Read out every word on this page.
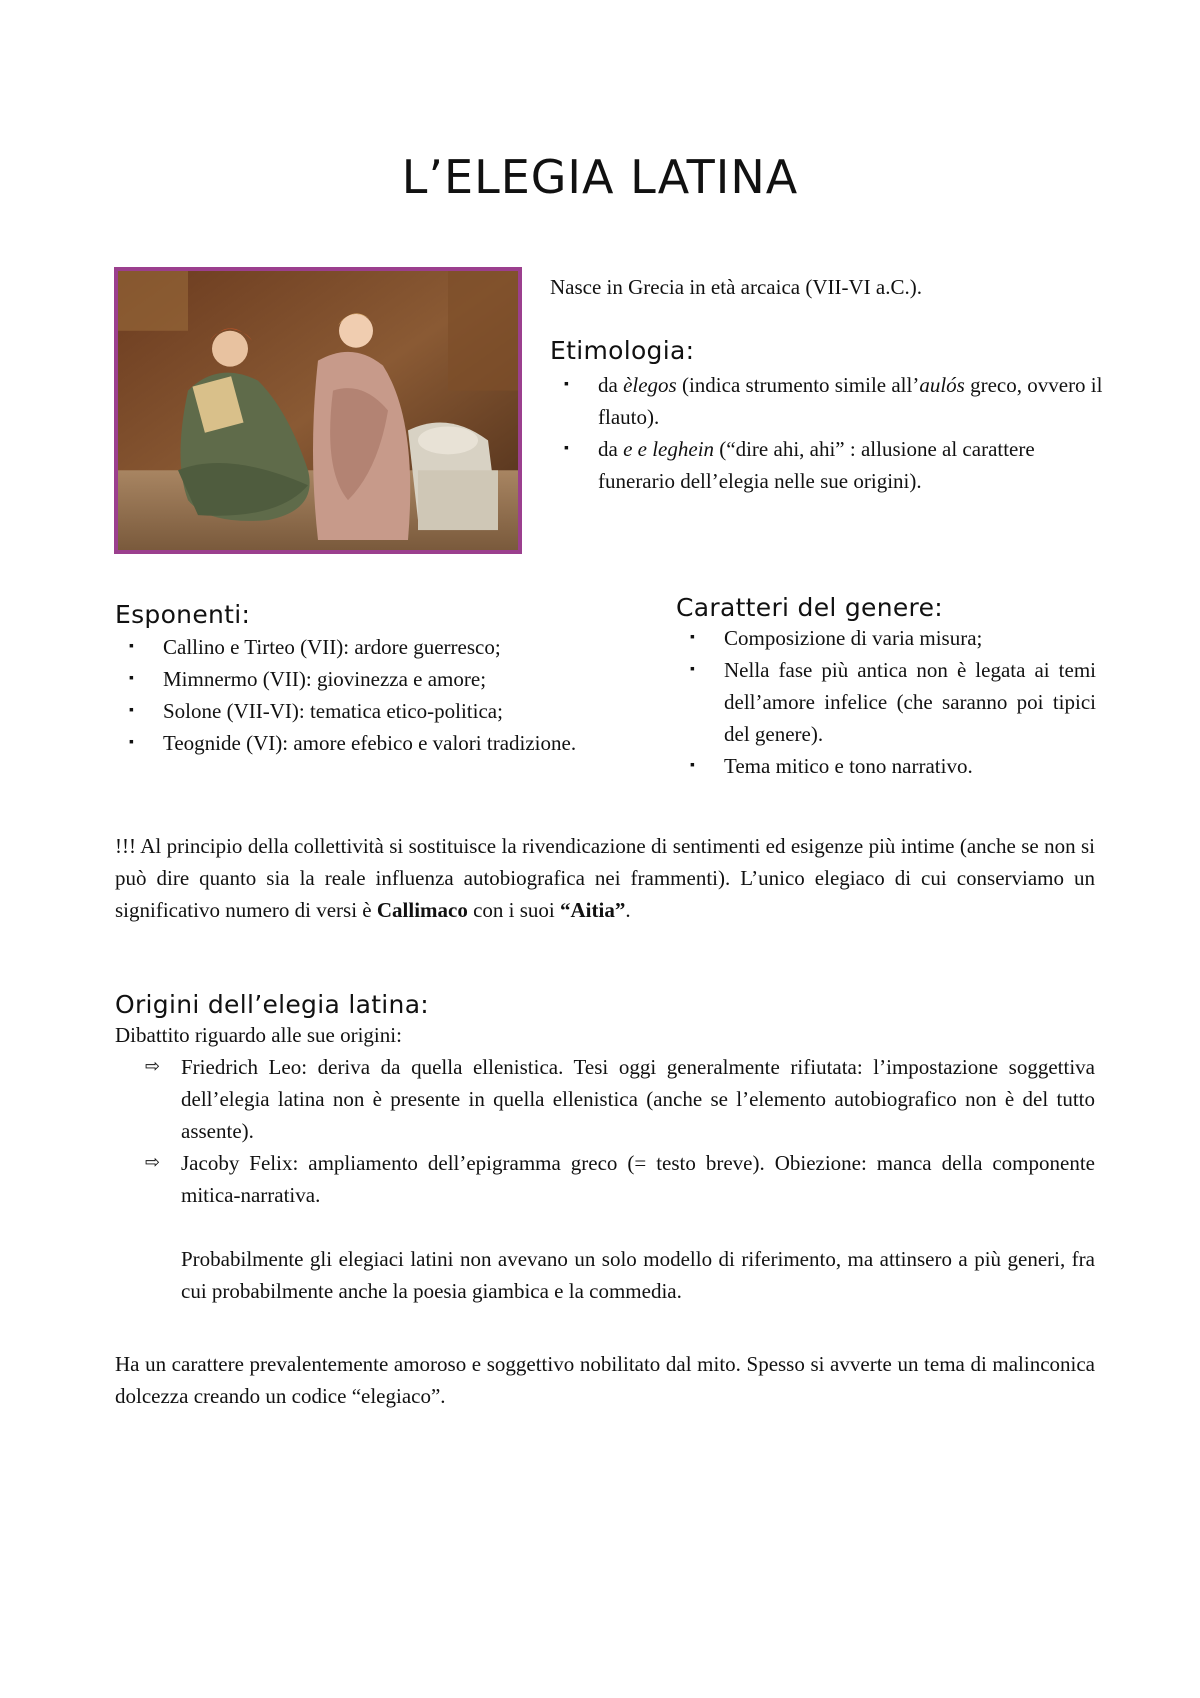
L’ELEGIA LATINA
Nasce in Grecia in età arcaica (VII-VI a.C.).
Etimologia:
▪ da èlegos (indica strumento simile all’aulós greco, ovvero il flauto).
▪ da e e leghein (“dire ahi, ahi” : allusione al carattere funerario dell’elegia nelle sue origini).
Esponenti:
▪ Callino e Tirteo (VII): ardore guerresco;
▪ Mimnermo (VII): giovinezza e amore;
▪ Solone (VII-VI): tematica etico-politica;
▪ Teognide (VI): amore efebico e valori tradizione.
Caratteri del genere:
▪ Composizione di varia misura;
▪ Nella fase più antica non è legata ai temi dell’amore infelice (che saranno poi tipici del genere).
▪ Tema mitico e tono narrativo.
!!! Al principio della collettività si sostituisce la rivendicazione di sentimenti ed esigenze più intime (anche se non si può dire quanto sia la reale influenza autobiografica nei frammenti). L’unico elegiaco di cui conserviamo un significativo numero di versi è Callimaco con i suoi “Aitia”.
Origini dell’elegia latina:
Dibattito riguardo alle sue origini:
⇨ Friedrich Leo: deriva da quella ellenistica. Tesi oggi generalmente rifiutata: l’impostazione soggettiva dell’elegia latina non è presente in quella ellenistica (anche se l’elemento autobiografico non è del tutto assente).
⇨ Jacoby Felix: ampliamento dell’epigramma greco (= testo breve). Obiezione: manca della componente mitica-narrativa.
Probabilmente gli elegiaci latini non avevano un solo modello di riferimento, ma attinsero a più generi, fra cui probabilmente anche la poesia giambica e la commedia.
Ha un carattere prevalentemente amoroso e soggettivo nobilitato dal mito. Spesso si avverte un tema di malinconica dolcezza creando un codice “elegiaco”.
